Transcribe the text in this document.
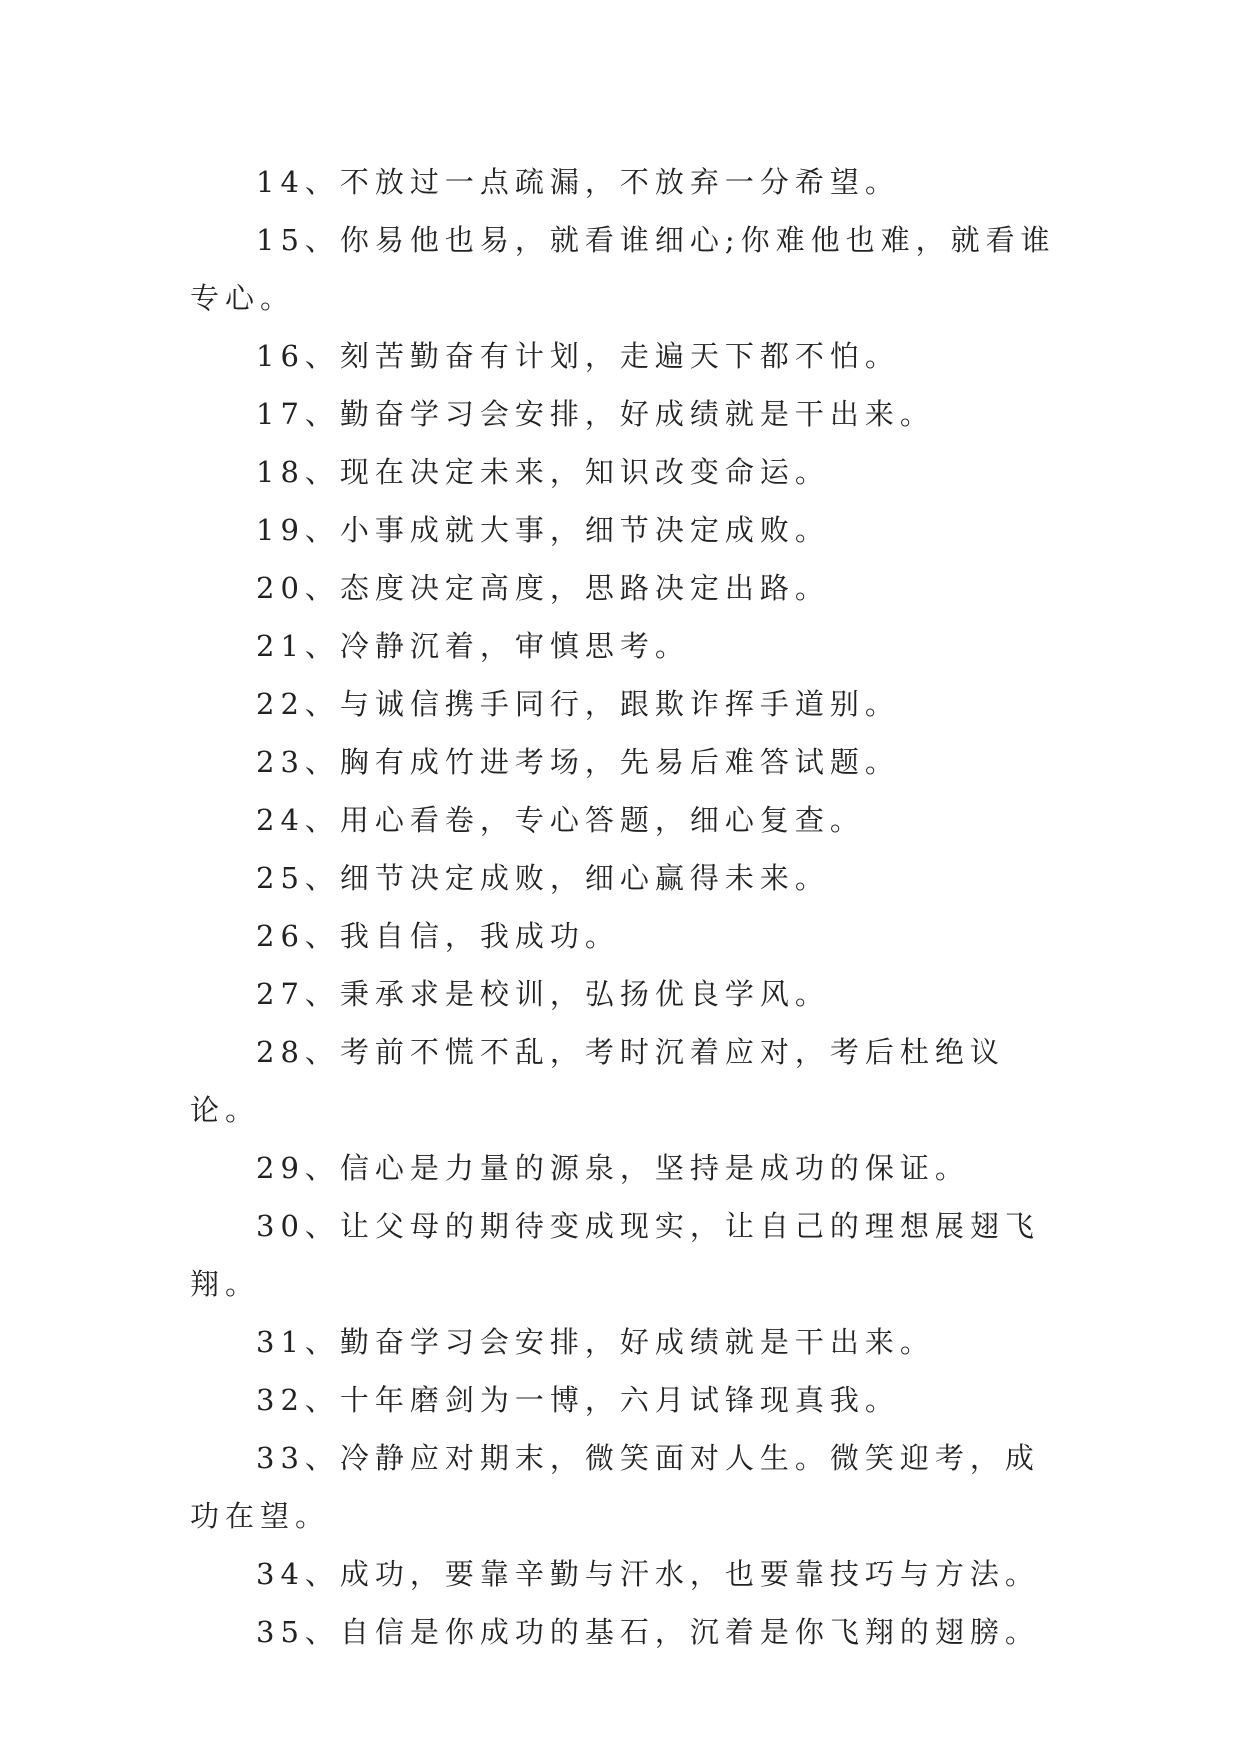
14、不放过一点疏漏，不放弃一分希望。

15、你易他也易，就看谁细心;你难他也难，就看谁专心。

16、刻苦勤奋有计划，走遍天下都不怕。

17、勤奋学习会安排，好成绩就是干出来。

18、现在决定未来，知识改变命运。

19、小事成就大事，细节决定成败。

20、态度决定高度，思路决定出路。

21、冷静沉着，审慎思考。

22、与诚信携手同行，跟欺诈挥手道别。

23、胸有成竹进考场，先易后难答试题。

24、用心看卷，专心答题，细心复查。

25、细节决定成败，细心赢得未来。

26、我自信，我成功。

27、秉承求是校训，弘扬优良学风。

28、考前不慌不乱，考时沉着应对，考后杜绝议论。

29、信心是力量的源泉，坚持是成功的保证。

30、让父母的期待变成现实，让自己的理想展翅飞翔。

31、勤奋学习会安排，好成绩就是干出来。

32、十年磨剑为一博，六月试锋现真我。

33、冷静应对期末，微笑面对人生。微笑迎考，成功在望。

34、成功，要靠辛勤与汗水，也要靠技巧与方法。

35、自信是你成功的基石，沉着是你飞翔的翅膀。
